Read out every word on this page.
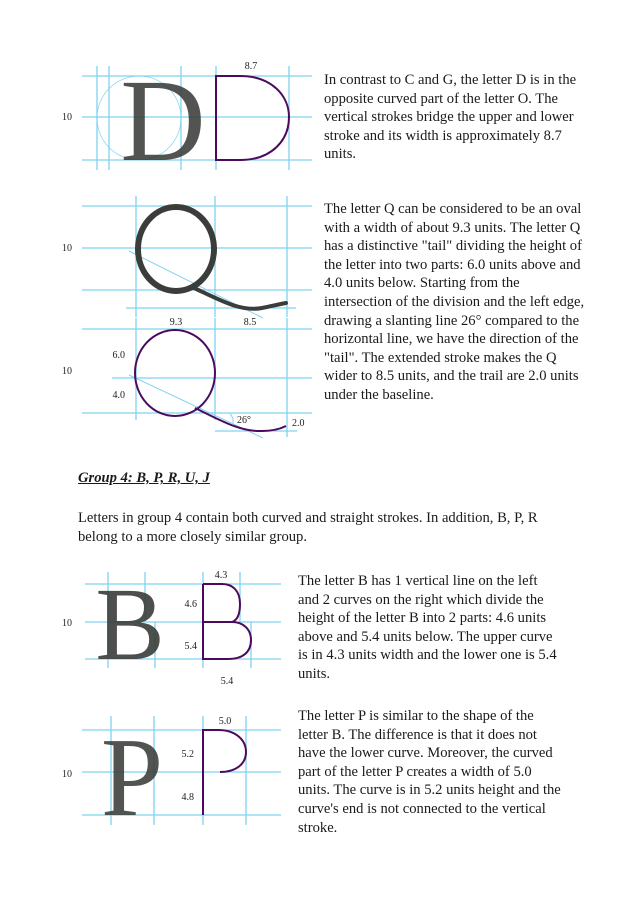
D
10
8.7
10
9.3	8.5
10
6.0
4.0
26°	2.0
B
10
4.3
4.6
5.4
5.4
P
10
5.0
5.2
4.8
In contrast to C and G, the letter D is in the opposite curved part of the letter O. The vertical strokes bridge the upper and lower stroke and its width is approximately 8.7 units.
The letter Q can be considered to be an oval with a width of about 9.3 units. The letter Q has a distinctive "tail" dividing the height of the letter into two parts: 6.0 units above and 4.0 units below. Starting from the intersection of the division and the left edge, drawing a slanting line 26° compared to the horizontal line, we have the direction of the "tail". The extended stroke makes the Q wider to 8.5 units, and the trail are 2.0 units under the baseline.
Group 4: B, P, R, U, J
Letters in group 4 contain both curved and straight strokes. In addition, B, P, R belong to a more closely similar group.
The letter B has 1 vertical line on the left and 2 curves on the right which divide the height of the letter B into 2 parts: 4.6 units above and 5.4 units below. The upper curve is in 4.3 units width and the lower one is 5.4 units.
The letter P is similar to the shape of the letter B. The difference is that it does not have the lower curve. Moreover, the curved part of the letter P creates a width of 5.0 units. The curve is in 5.2 units height and the curve's end is not connected to the vertical stroke.
